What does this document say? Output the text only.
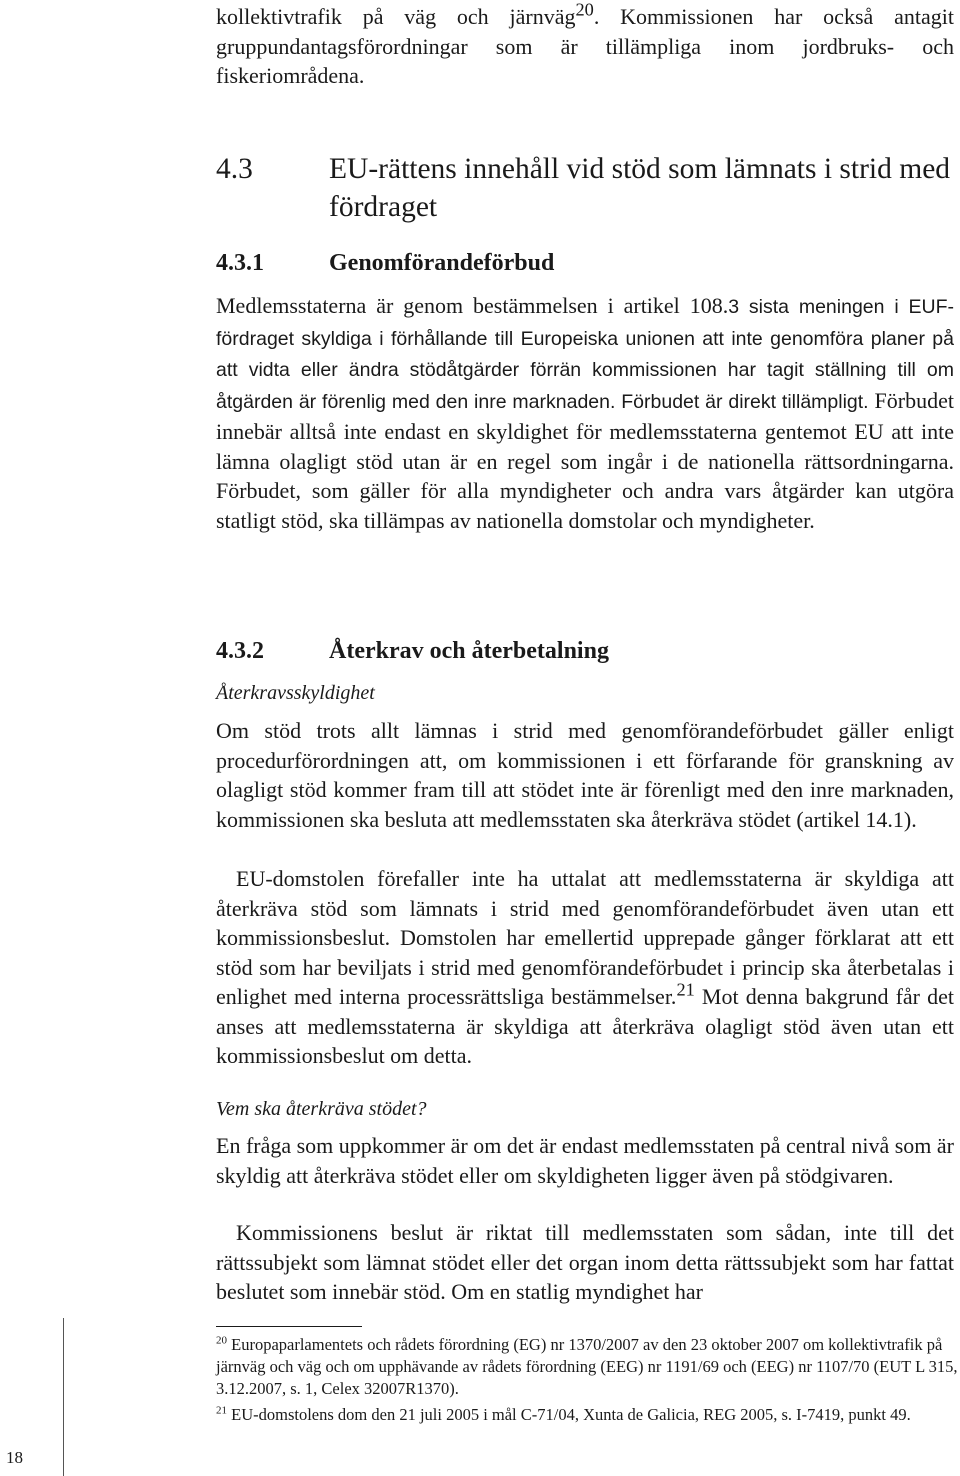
kollektivtrafik på väg och järnväg$^{20}$. Kommissionen har också antagit gruppundantagsförordningar som är tillämpliga inom jordbruks- och fiskeriområdena.

4.3	EU-rättens innehåll vid stöd som lämnats i strid med fördraget
4.3.1	Genomförandeförbud

Medlemsstaterna är genom bestämmelsen i artikel 108.3 sista meningen i EUF-fördraget skyldiga i förhållande till Europeiska unionen att inte genomföra planer på att vidta eller ändra stödåtgärder förrän kommissionen har tagit ställning till om åtgärden är förenlig med den inre marknaden. Förbudet är direkt tillämpligt. Förbudet innebär alltså inte endast en skyldighet för medlemsstaterna gentemot EU att inte lämna olagligt stöd utan är en regel som ingår i de nationella rättsordningarna. Förbudet, som gäller för alla myndigheter och andra vars åtgärder kan utgöra statligt stöd, ska tillämpas av nationella domstolar och myndigheter.

4.3.2	Återkrav och återbetalning
Återkravsskyldighet

Om stöd trots allt lämnas i strid med genomförandeförbudet gäller enligt procedurförordningen att, om kommissionen i ett förfarande för granskning av olagligt stöd kommer fram till att stödet inte är förenligt med den inre marknaden, kommissionen ska besluta att medlemsstaten ska återkräva stödet (artikel 14.1).

EU-domstolen förefaller inte ha uttalat att medlemsstaterna är skyldiga att återkräva stöd som lämnats i strid med genomförandeförbudet även utan ett kommissionsbeslut. Domstolen har emellertid upprepade gånger förklarat att ett stöd som har beviljats i strid med genomförandeförbudet i princip ska återbetalas i enlighet med interna processrättsliga bestämmelser.$^{21}$ Mot denna bakgrund får det anses att medlemsstaterna är skyldiga att återkräva olagligt stöd även utan ett kommissionsbeslut om detta.

Vem ska återkräva stödet?

En fråga som uppkommer är om det är endast medlemsstaten på central nivå som är skyldig att återkräva stödet eller om skyldigheten ligger även på stödgivaren.

Kommissionens beslut är riktat till medlemsstaten som sådan, inte till det rättssubjekt som lämnat stödet eller det organ inom detta rättssubjekt som har fattat beslutet som innebär stöd. Om en statlig myndighet har

$^{20}$ Europaparlamentets och rådets förordning (EG) nr 1370/2007 av den 23 oktober 2007 om kollektivtrafik på järnväg och väg och om upphävande av rådets förordning (EEG) nr 1191/69 och (EEG) nr 1107/70 (EUT L 315, 3.12.2007, s. 1, Celex 32007R1370).

$^{21}$ EU-domstolens dom den 21 juli 2005 i mål C-71/04, Xunta de Galicia, REG 2005, s. I-7419, punkt 49.

18
